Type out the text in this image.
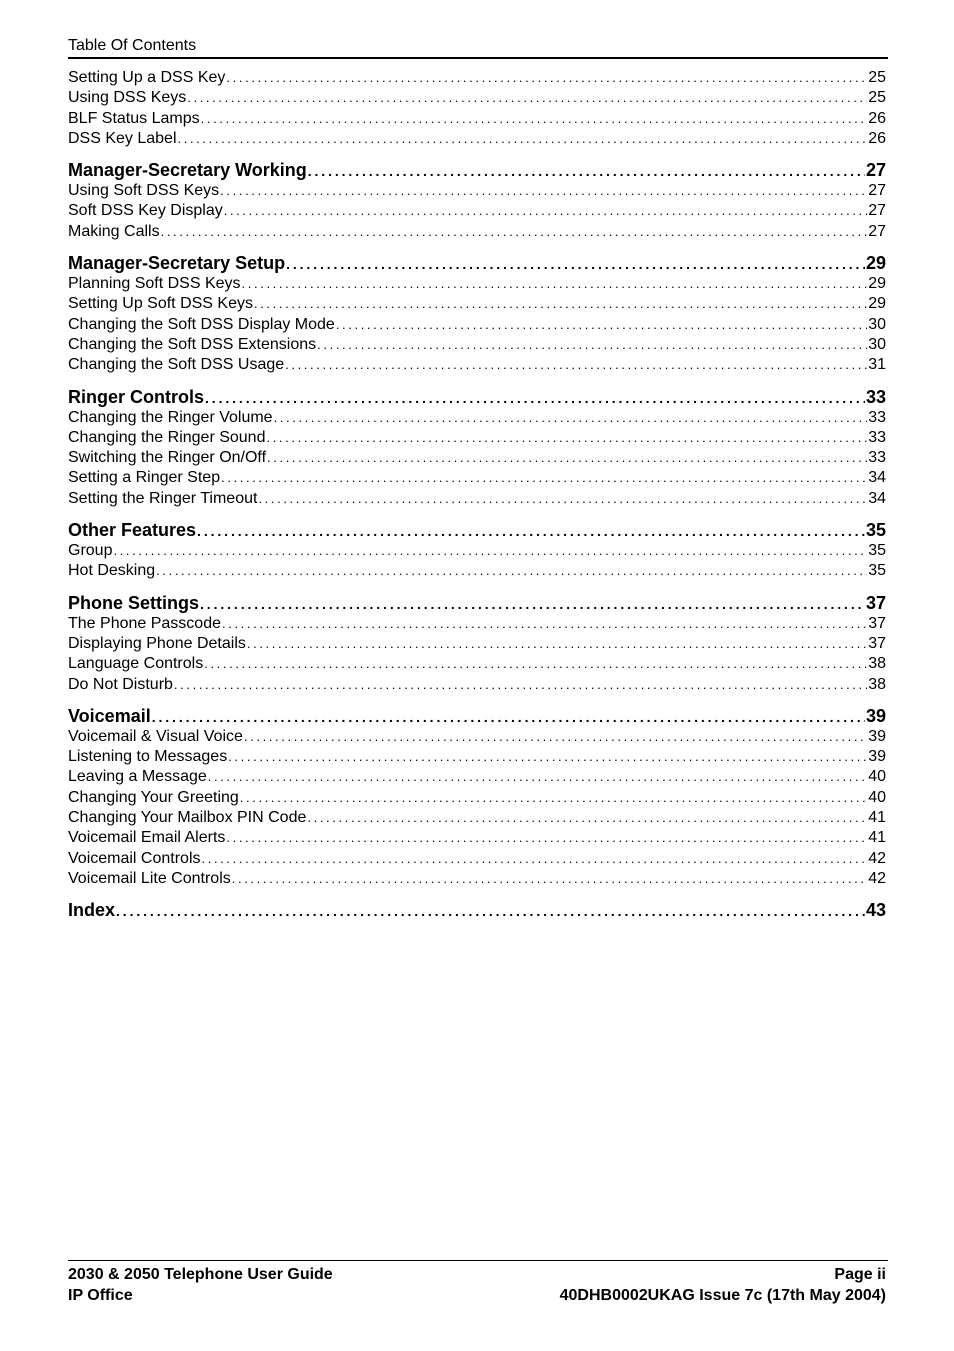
Table Of Contents
Setting Up a DSS Key . . .	25
Using DSS Keys . . .	25
BLF Status Lamps . . .	26
DSS Key Label . . .	26
Manager-Secretary Working . . .	27
Using Soft DSS Keys . . .	27
Soft DSS Key Display . . .	27
Making Calls . . .	27
Manager-Secretary Setup . . .	29
Planning Soft DSS Keys . . .	29
Setting Up Soft DSS Keys . . .	29
Changing the Soft DSS Display Mode . . .	30
Changing the Soft DSS Extensions . . .	30
Changing the Soft DSS Usage . . .	31
Ringer Controls . . .	33
Changing the Ringer Volume . . .	33
Changing the Ringer Sound . . .	33
Switching the Ringer On/Off . . .	33
Setting a Ringer Step . . .	34
Setting the Ringer Timeout . . .	34
Other Features . . .	35
Group . . .	35
Hot Desking . . .	35
Phone Settings . . .	37
The Phone Passcode . . .	37
Displaying Phone Details . . .	37
Language Controls . . .	38
Do Not Disturb . . .	38
Voicemail . . .	39
Voicemail & Visual Voice . . .	39
Listening to Messages . . .	39
Leaving a Message . . .	40
Changing Your Greeting . . .	40
Changing Your Mailbox PIN Code . . .	41
Voicemail Email Alerts . . .	41
Voicemail Controls . . .	42
Voicemail Lite Controls . . .	42
Index . . .	43
2030 & 2050 Telephone User Guide	Page ii
IP Office	40DHB0002UKAG Issue 7c (17th May 2004)
